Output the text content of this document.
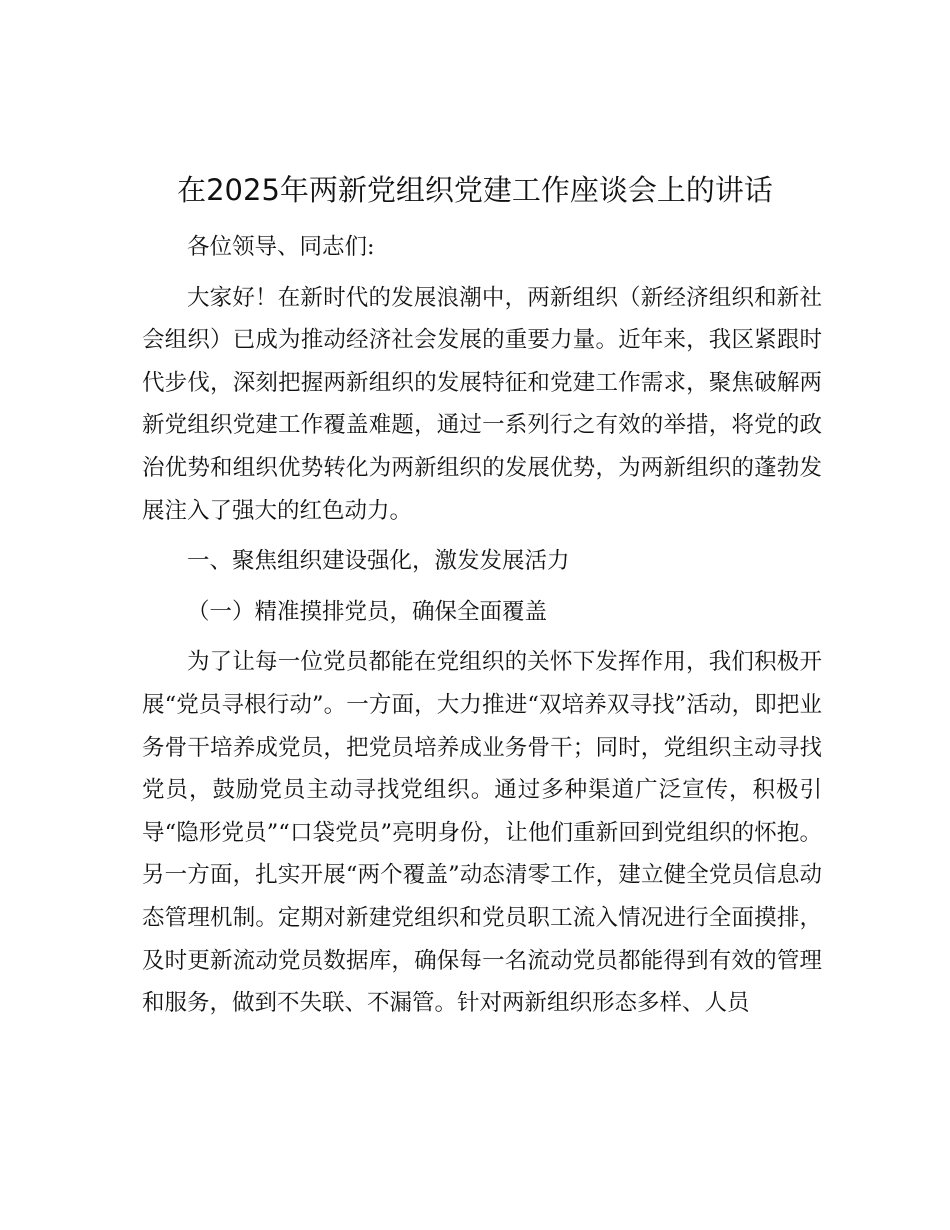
在2025年两新党组织党建工作座谈会上的讲话

各位领导、同志们:

大家好！在新时代的发展浪潮中，两新组织（新经济组织和新社会组织）已成为推动经济社会发展的重要力量。近年来，我区紧跟时代步伐，深刻把握两新组织的发展特征和党建工作需求，聚焦破解两新党组织党建工作覆盖难题，通过一系列行之有效的举措，将党的政治优势和组织优势转化为两新组织的发展优势，为两新组织的蓬勃发展注入了强大的红色动力。

一、聚焦组织建设强化，激发发展活力

（一）精准摸排党员，确保全面覆盖

为了让每一位党员都能在党组织的关怀下发挥作用，我们积极开展“党员寻根行动”。一方面，大力推进“双培养双寻找”活动，即把业务骨干培养成党员，把党员培养成业务骨干；同时，党组织主动寻找党员，鼓励党员主动寻找党组织。通过多种渠道广泛宣传，积极引导“隐形党员”“口袋党员”亮明身份，让他们重新回到党组织的怀抱。另一方面，扎实开展“两个覆盖”动态清零工作，建立健全党员信息动态管理机制。定期对新建党组织和党员职工流入情况进行全面摸排，及时更新流动党员数据库，确保每一名流动党员都能得到有效的管理和服务，做到不失联、不漏管。针对两新组织形态多样、人员
